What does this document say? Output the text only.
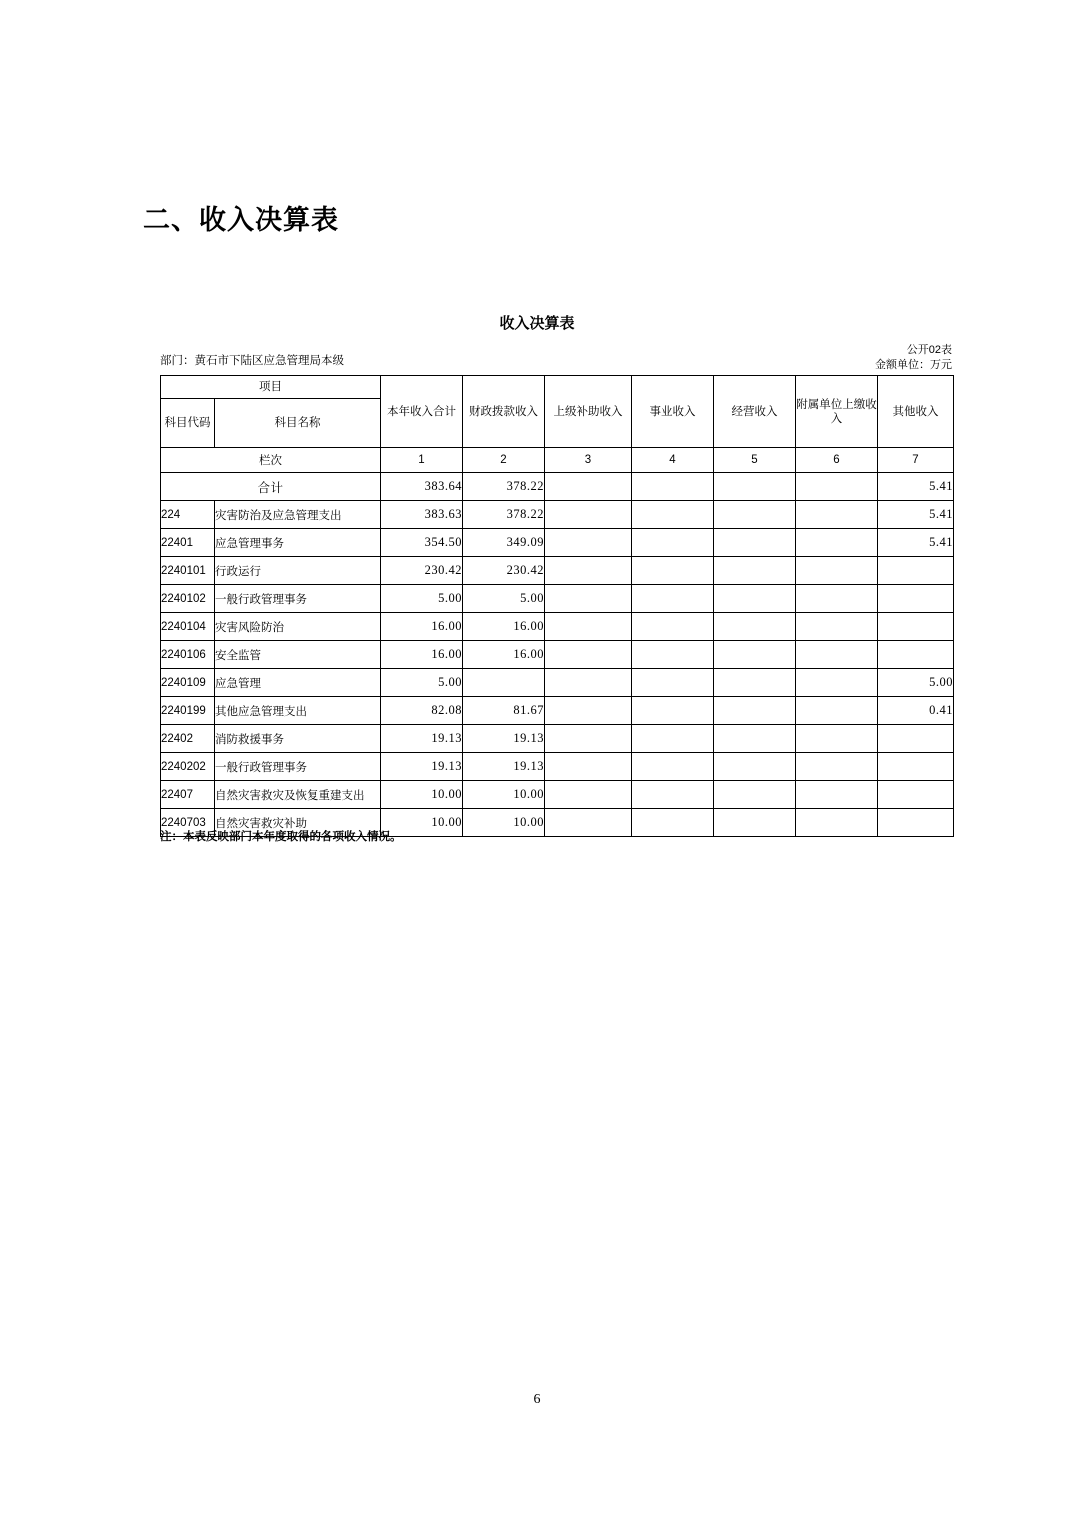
二、收入决算表
收入决算表
部门：黄石市下陆区应急管理局本级
公开02表
金额单位：万元
项目		本年收入合计	财政拨款收入	上级补助收入	事业收入	经营收入	附属单位上缴收入	其他收入
科目代码	科目名称							
栏次		1	2	3	4	5	6	7
合计		383.64	378.22					5.41
224	灾害防治及应急管理支出	383.63	378.22					5.41
22401	应急管理事务	354.50	349.09					5.41
2240101	行政运行	230.42	230.42					
2240102	一般行政管理事务	5.00	5.00					
2240104	灾害风险防治	16.00	16.00					
2240106	安全监管	16.00	16.00					
2240109	应急管理	5.00						5.00
2240199	其他应急管理支出	82.08	81.67					0.41
22402	消防救援事务	19.13	19.13					
2240202	一般行政管理事务	19.13	19.13					
22407	自然灾害救灾及恢复重建支出	10.00	10.00					
2240703	自然灾害救灾补助	10.00	10.00					
注：本表反映部门本年度取得的各项收入情况。
6
